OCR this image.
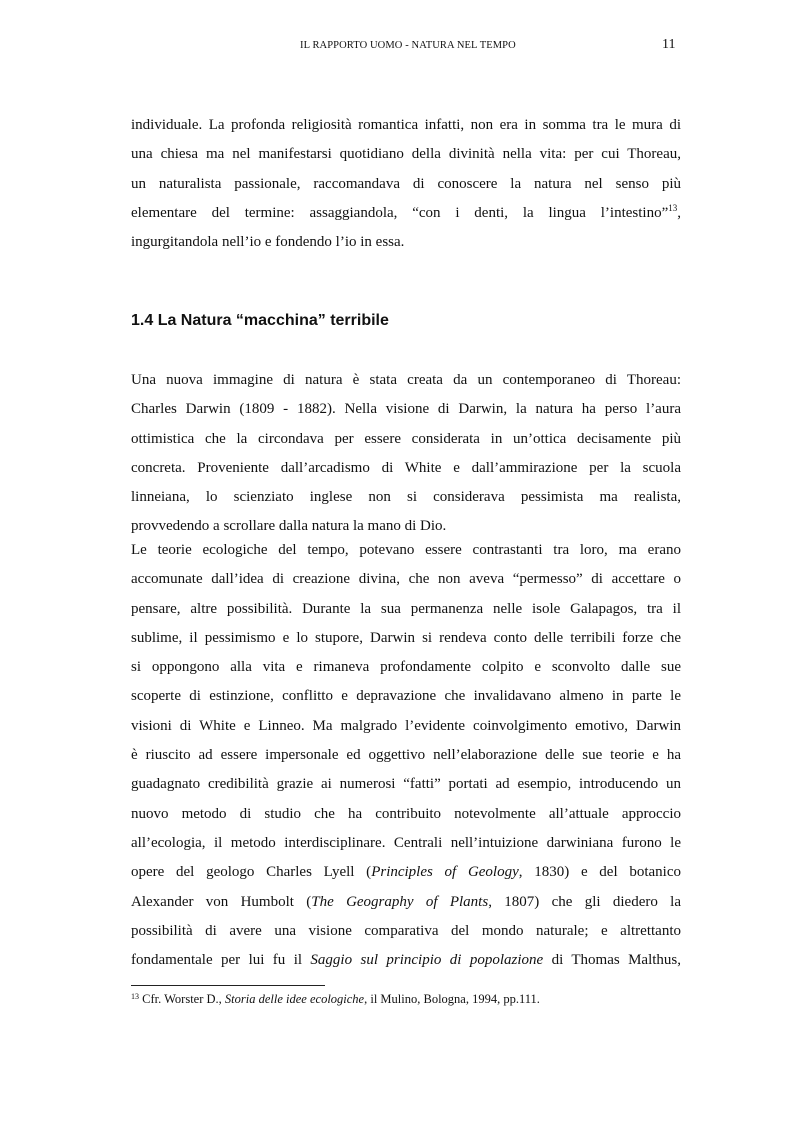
IL RAPPORTO UOMO - NATURA NEL TEMPO	11
individuale. La profonda religiosità romantica infatti, non era in somma tra le mura di
una chiesa ma nel manifestarsi quotidiano della divinità nella vita: per cui Thoreau,
un naturalista passionale, raccomandava di conoscere la natura nel senso più
elementare del termine: assaggiandola, “con i denti, la lingua l’intestino”$^{13}$,
ingurgitandola nell’io e fondendo l’io in essa.
1.4 La Natura “macchina” terribile
Una nuova immagine di natura è stata creata da un contemporaneo di Thoreau:
Charles Darwin (1809 - 1882). Nella visione di Darwin, la natura ha perso l’aura
ottimistica che la circondava per essere considerata in un’ottica decisamente più
concreta. Proveniente dall’arcadismo di White e dall’ammirazione per la scuola
linneiana, lo scienziato inglese non si considerava pessimista ma realista,
provvedendo a scrollare dalla natura la mano di Dio.
Le teorie ecologiche del tempo, potevano essere contrastanti tra loro, ma erano
accomunate dall’idea di creazione divina, che non aveva “permesso” di accettare o
pensare, altre possibilità. Durante la sua permanenza nelle isole Galapagos, tra il
sublime, il pessimismo e lo stupore, Darwin si rendeva conto delle terribili forze che
si oppongono alla vita e rimaneva profondamente colpito e sconvolto dalle sue
scoperte di estinzione, conflitto e depravazione che invalidavano almeno in parte le
visioni di White e Linneo. Ma malgrado l’evidente coinvolgimento emotivo, Darwin
è riuscito ad essere impersonale ed oggettivo nell’elaborazione delle sue teorie e ha
guadagnato credibilità grazie ai numerosi “fatti” portati ad esempio, introducendo un
nuovo metodo di studio che ha contribuito notevolmente all’attuale approccio
all’ecologia, il metodo interdisciplinare. Centrali nell’intuizione darwiniana furono le
opere del geologo Charles Lyell (Principles of Geology, 1830) e del botanico
Alexander von Humbolt (The Geography of Plants, 1807) che gli diedero la
possibilità di avere una visione comparativa del mondo naturale; e altrettanto
fondamentale per lui fu il Saggio sul principio di popolazione di Thomas Malthus,
$^{13}$ Cfr. Worster D., Storia delle idee ecologiche, il Mulino, Bologna, 1994, pp.111.
